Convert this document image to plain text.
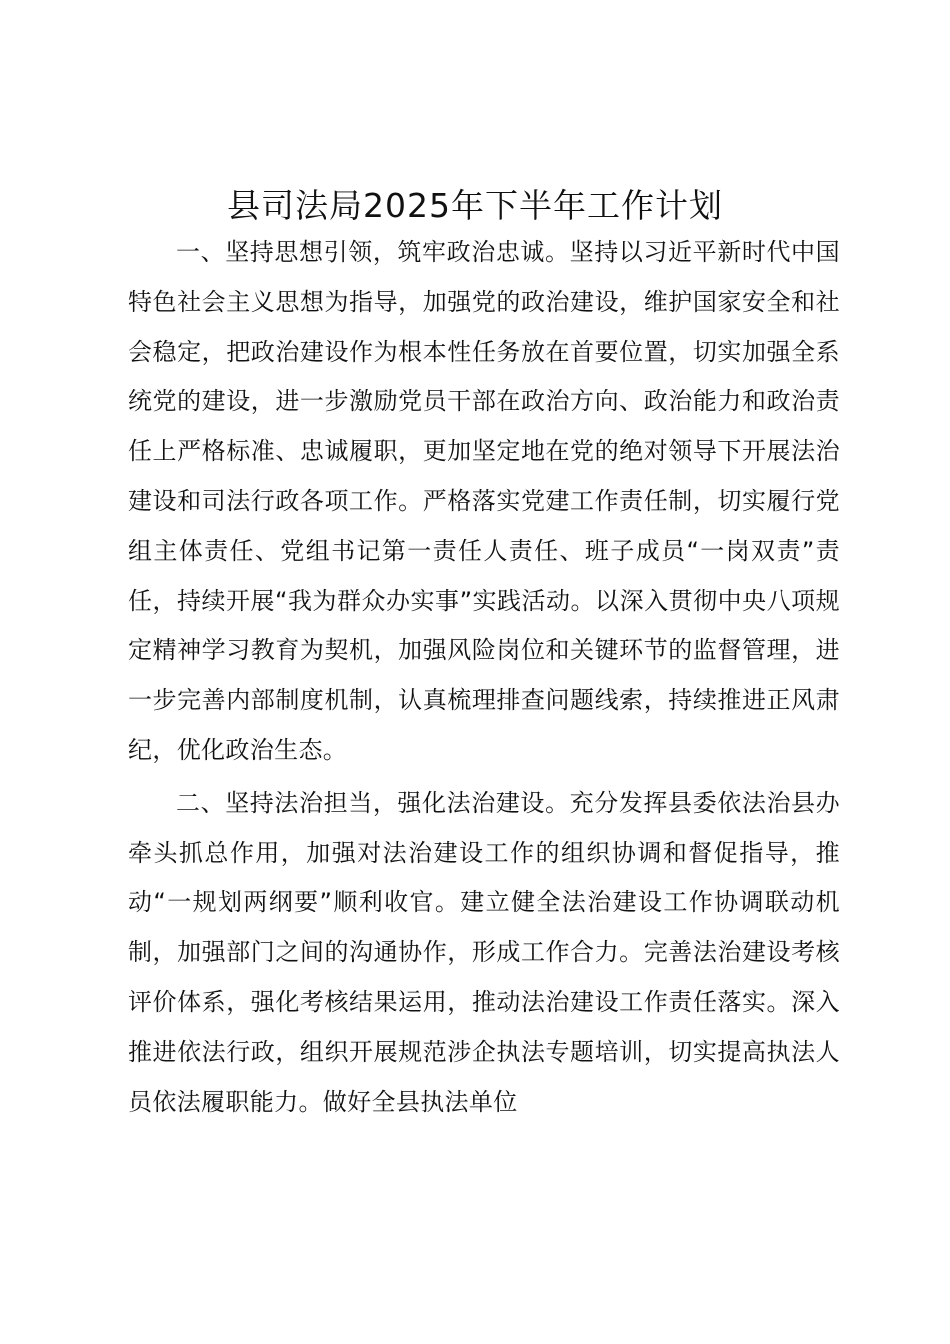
县司法局2025年下半年工作计划

一、坚持思想引领，筑牢政治忠诚。坚持以习近平新时代中国特色社会主义思想为指导，加强党的政治建设，维护国家安全和社会稳定，把政治建设作为根本性任务放在首要位置，切实加强全系统党的建设，进一步激励党员干部在政治方向、政治能力和政治责任上严格标准、忠诚履职，更加坚定地在党的绝对领导下开展法治建设和司法行政各项工作。严格落实党建工作责任制，切实履行党组主体责任、党组书记第一责任人责任、班子成员“一岗双责”责任，持续开展“我为群众办实事”实践活动。以深入贯彻中央八项规定精神学习教育为契机，加强风险岗位和关键环节的监督管理，进一步完善内部制度机制，认真梳理排查问题线索，持续推进正风肃纪，优化政治生态。

二、坚持法治担当，强化法治建设。充分发挥县委依法治县办牵头抓总作用，加强对法治建设工作的组织协调和督促指导，推动“一规划两纲要”顺利收官。建立健全法治建设工作协调联动机制，加强部门之间的沟通协作，形成工作合力。完善法治建设考核评价体系，强化考核结果运用，推动法治建设工作责任落实。深入推进依法行政，组织开展规范涉企执法专题培训，切实提高执法人员依法履职能力。做好全县执法单位
